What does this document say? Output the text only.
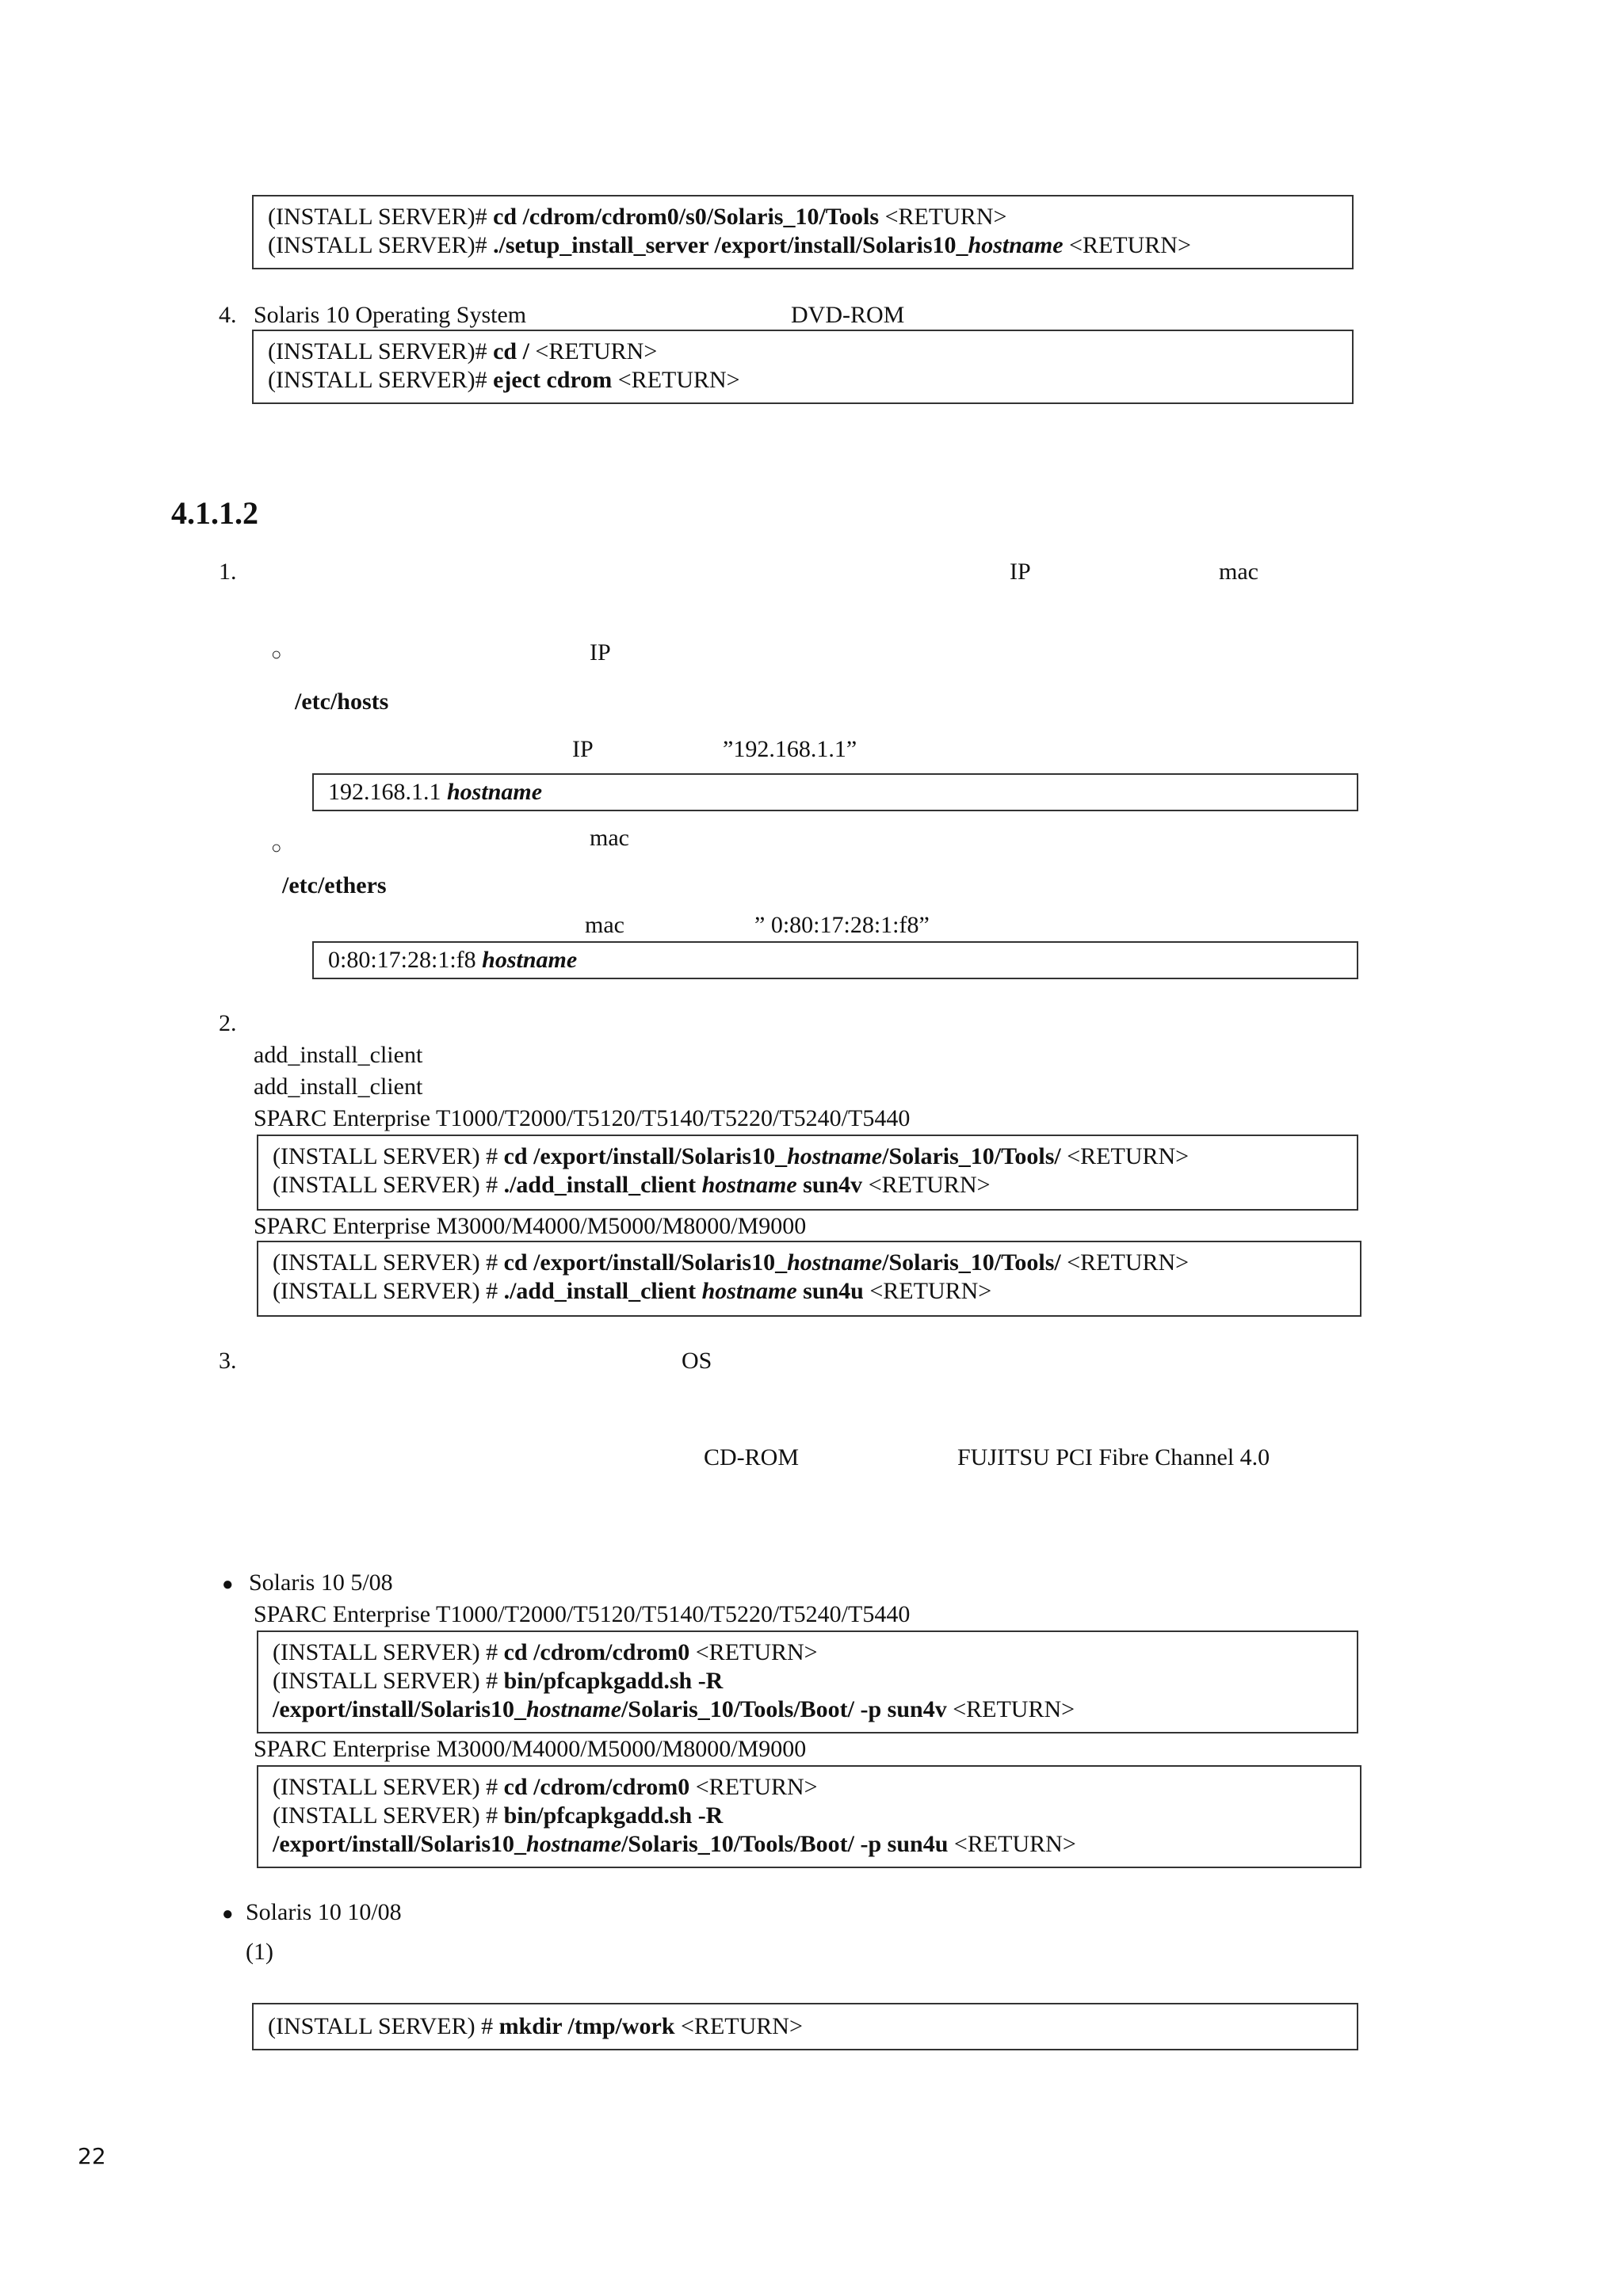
(INSTALL SERVER)# cd /cdrom/cdrom0/s0/Solaris_10/Tools <RETURN>
(INSTALL SERVER)# ./setup_install_server /export/install/Solaris10_hostname <RETURN>
4. Solaris 10 Operating System	DVD-ROM
(INSTALL SERVER)# cd / <RETURN>
(INSTALL SERVER)# eject cdrom <RETURN>
4.1.1.2
1.	IP	mac
○	IP
/etc/hosts
IP	”192.168.1.1”
192.168.1.1 hostname
○	mac
/etc/ethers
mac	” 0:80:17:28:1:f8”
0:80:17:28:1:f8 hostname
2.
add_install_client
add_install_client
SPARC Enterprise T1000/T2000/T5120/T5140/T5220/T5240/T5440
(INSTALL SERVER) # cd /export/install/Solaris10_hostname/Solaris_10/Tools/ <RETURN>
(INSTALL SERVER) # ./add_install_client hostname sun4v <RETURN>
SPARC Enterprise M3000/M4000/M5000/M8000/M9000
(INSTALL SERVER) # cd /export/install/Solaris10_hostname/Solaris_10/Tools/ <RETURN>
(INSTALL SERVER) # ./add_install_client hostname sun4u <RETURN>
3.	OS
CD-ROM	FUJITSU PCI Fibre Channel 4.0
● Solaris 10 5/08
SPARC Enterprise T1000/T2000/T5120/T5140/T5220/T5240/T5440
(INSTALL SERVER) # cd /cdrom/cdrom0 <RETURN>
(INSTALL SERVER) # bin/pfcapkgadd.sh -R
/export/install/Solaris10_hostname/Solaris_10/Tools/Boot/ -p sun4v <RETURN>
SPARC Enterprise M3000/M4000/M5000/M8000/M9000
(INSTALL SERVER) # cd /cdrom/cdrom0 <RETURN>
(INSTALL SERVER) # bin/pfcapkgadd.sh -R
/export/install/Solaris10_hostname/Solaris_10/Tools/Boot/ -p sun4u <RETURN>
● Solaris 10 10/08
(1)
(INSTALL SERVER) # mkdir /tmp/work <RETURN>
22
